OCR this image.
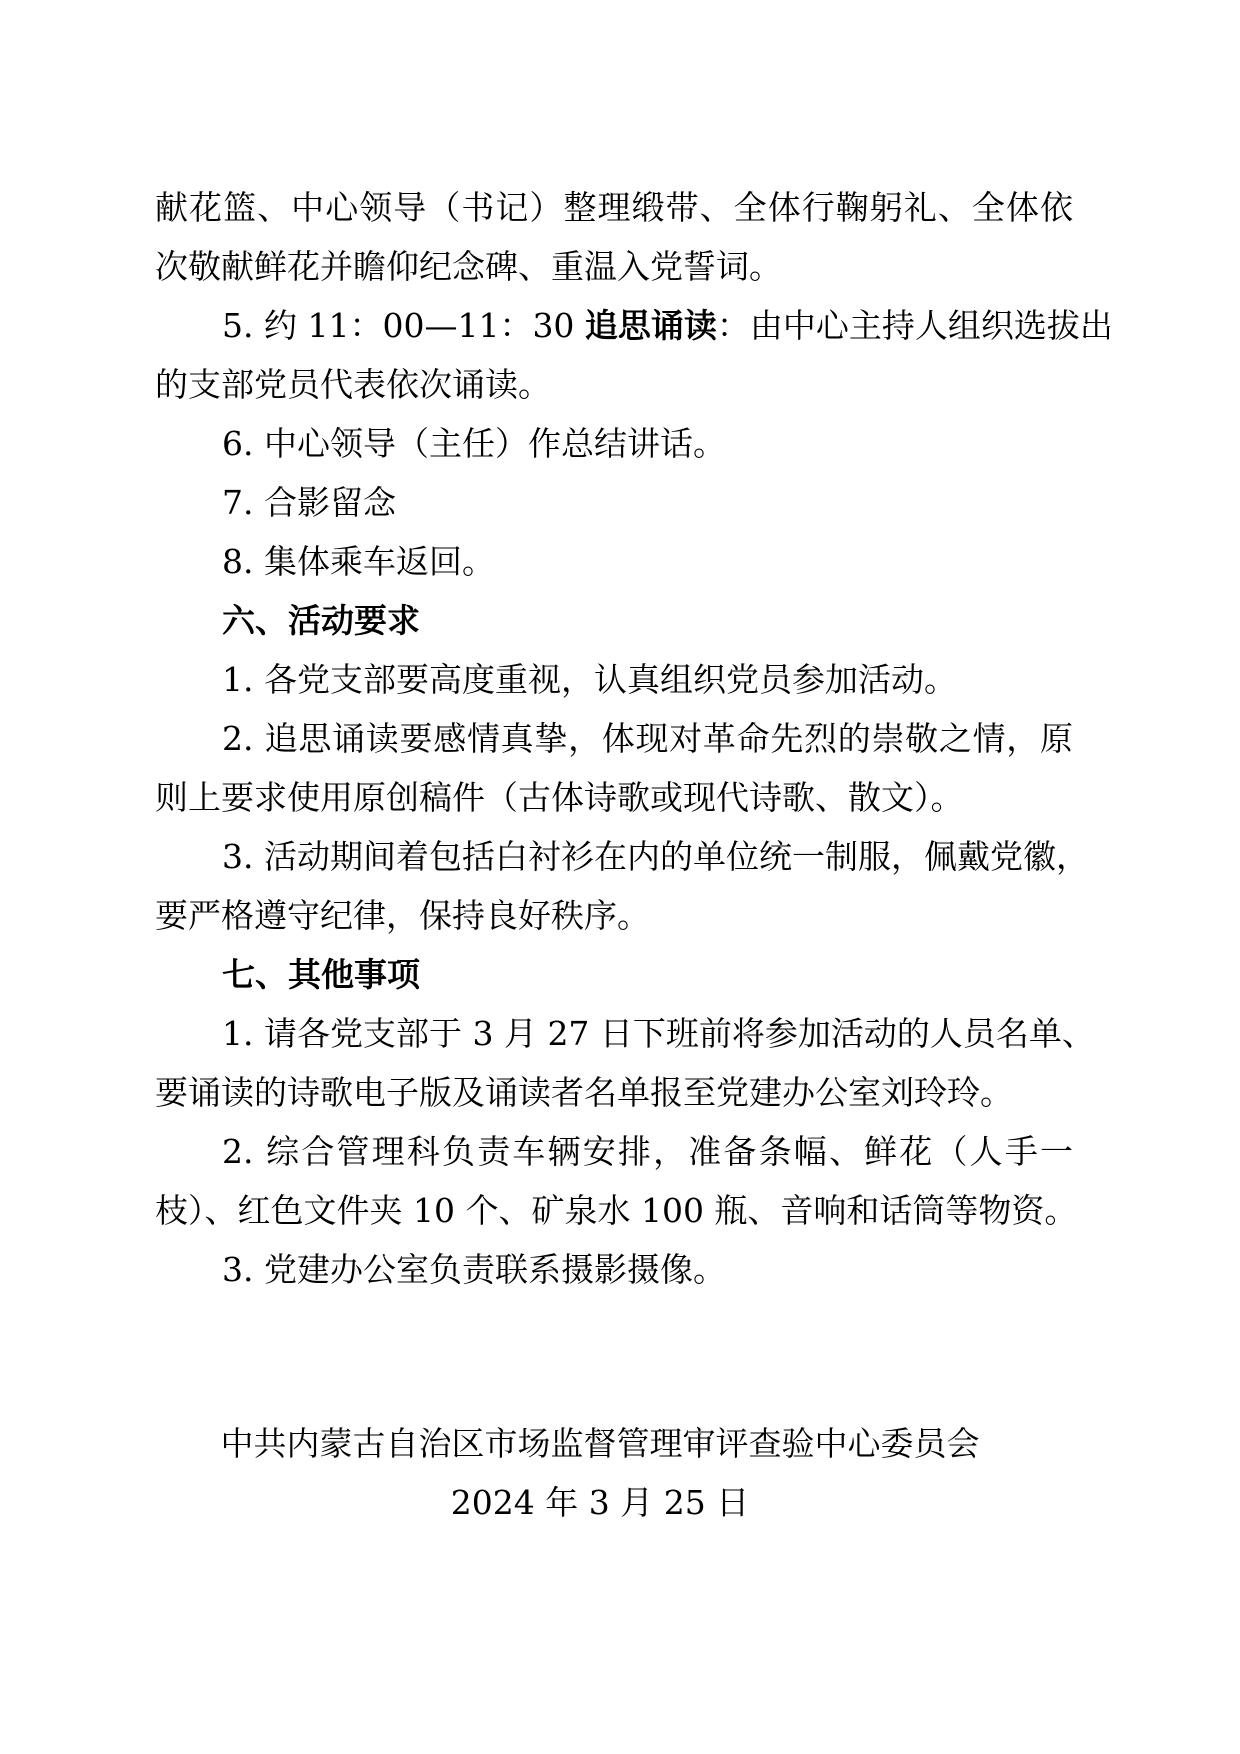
献花篮、中心领导（书记）整理缎带、全体行鞠躬礼、全体依
次敬献鲜花并瞻仰纪念碑、重温入党誓词。
5. 约 11：00—11：30 追思诵读：由中心主持人组织选拔出
的支部党员代表依次诵读。
6. 中心领导（主任）作总结讲话。
7. 合影留念
8. 集体乘车返回。
六、活动要求
1. 各党支部要高度重视，认真组织党员参加活动。
2. 追思诵读要感情真挚，体现对革命先烈的崇敬之情，原
则上要求使用原创稿件（古体诗歌或现代诗歌、散文）。
3. 活动期间着包括白衬衫在内的单位统一制服，佩戴党徽，
要严格遵守纪律，保持良好秩序。
七、其他事项
1. 请各党支部于 3 月 27 日下班前将参加活动的人员名单、
要诵读的诗歌电子版及诵读者名单报至党建办公室刘玲玲。
2. 综合管理科负责车辆安排，准备条幅、鲜花（人手一
枝）、红色文件夹 10 个、矿泉水 100 瓶、音响和话筒等物资。
3. 党建办公室负责联系摄影摄像。
中共内蒙古自治区市场监督管理审评查验中心委员会
2024 年 3 月 25 日
